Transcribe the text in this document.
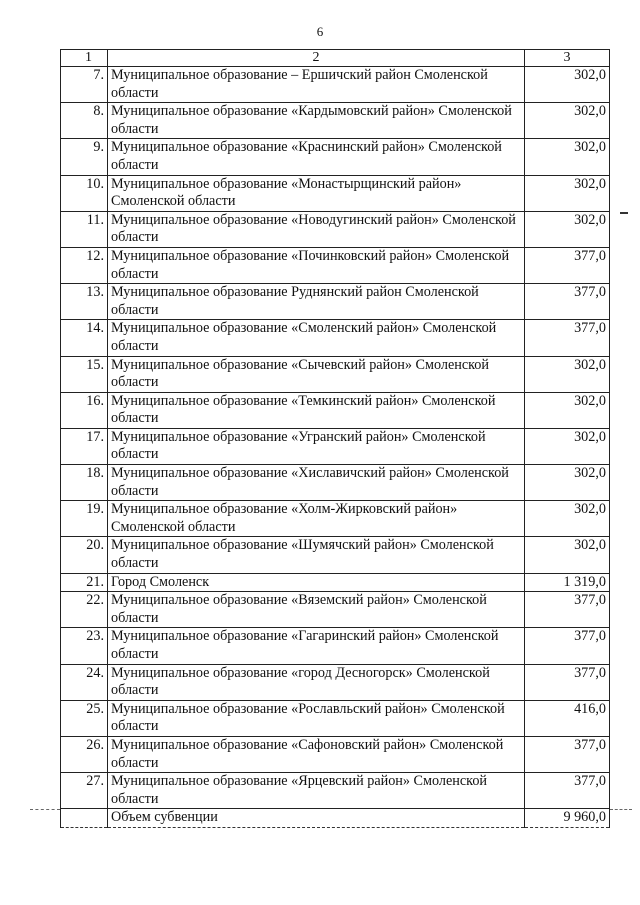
6
1	2	3
7.	Муниципальное образование – Ершичский район Смоленской области	302,0
8.	Муниципальное образование «Кардымовский район» Смоленской области	302,0
9.	Муниципальное образование «Краснинский район» Смоленской области	302,0
10.	Муниципальное образование «Монастырщинский район» Смоленской области	302,0
11.	Муниципальное образование «Новодугинский район» Смоленской области	302,0
12.	Муниципальное образование «Починковский район» Смоленской области	377,0
13.	Муниципальное образование Руднянский район Смоленской области	377,0
14.	Муниципальное образование «Смоленский район» Смоленской области	377,0
15.	Муниципальное образование «Сычевский район» Смоленской области	302,0
16.	Муниципальное образование «Темкинский район» Смоленской области	302,0
17.	Муниципальное образование «Угранский район» Смоленской области	302,0
18.	Муниципальное образование «Хиславичский район» Смоленской области	302,0
19.	Муниципальное образование «Холм-Жирковский район» Смоленской области	302,0
20.	Муниципальное образование «Шумячский район» Смоленской области	302,0
21.	Город Смоленск	1 319,0
22.	Муниципальное образование «Вяземский район» Смоленской области	377,0
23.	Муниципальное образование «Гагаринский район» Смоленской области	377,0
24.	Муниципальное образование «город Десногорск» Смоленской области	377,0
25.	Муниципальное образование «Рославльский район» Смоленской области	416,0
26.	Муниципальное образование «Сафоновский район» Смоленской области	377,0
27.	Муниципальное образование «Ярцевский район» Смоленской области	377,0
	Объем субвенции	9 960,0
